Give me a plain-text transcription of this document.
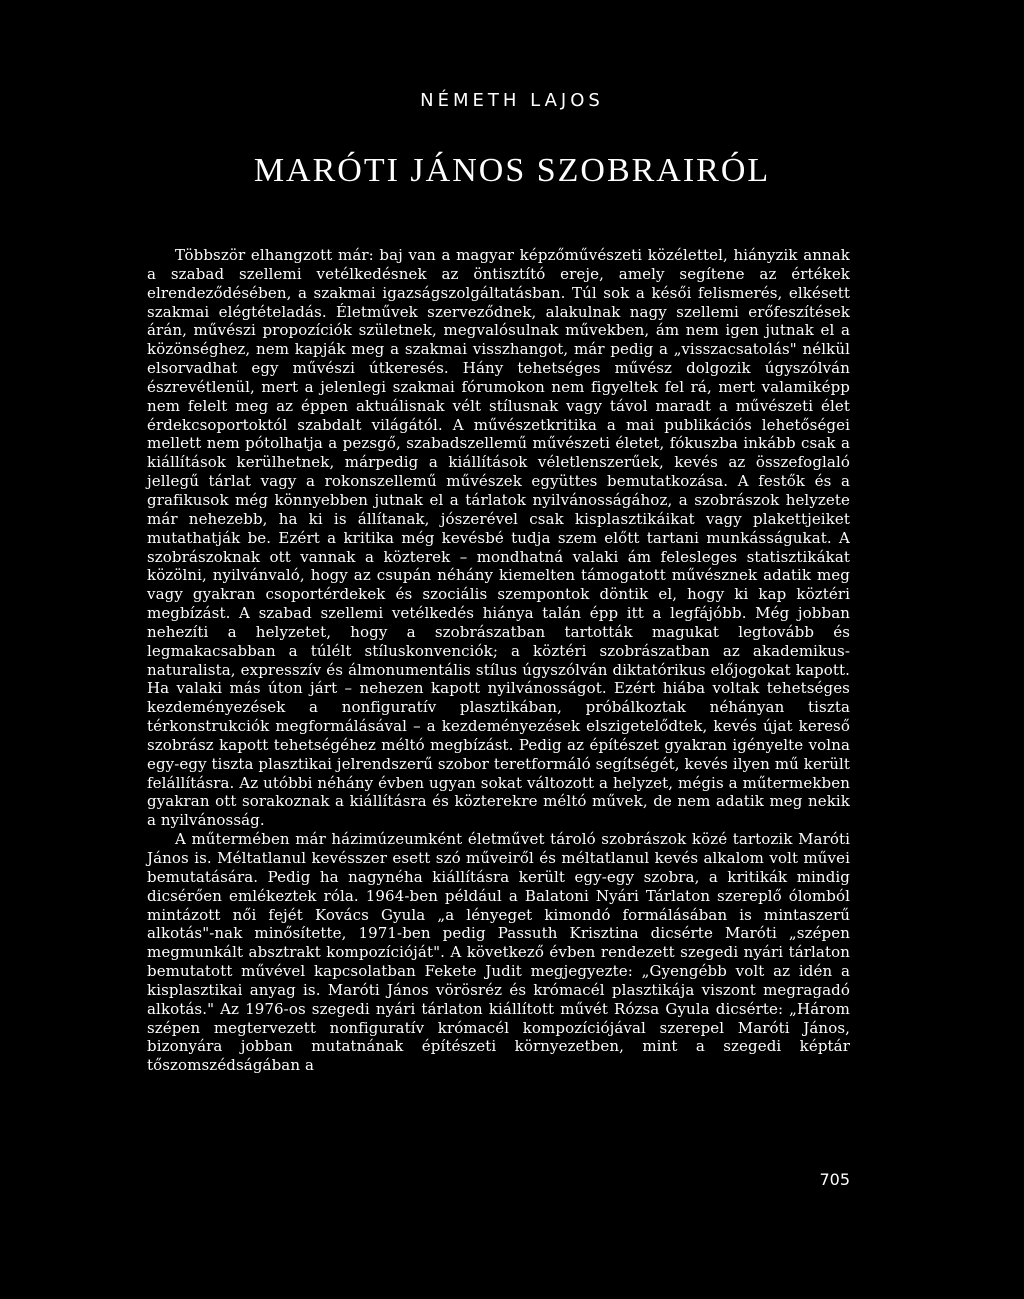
NÉMETH LAJOS
MARÓTI JÁNOS SZOBRAIRÓL

Többször elhangzott már: baj van a magyar képzőművészeti közélettel, hiányzik annak a szabad szellemi vetélkedésnek az öntisztító ereje, amely segítene az értékek elrendeződésében, a szakmai igazságszolgáltatásban. Túl sok a késői felismerés, elkésett szakmai elégtételadás. Életművek szerveződnek, alakulnak nagy szellemi erőfeszítések árán, művészi propozíciók születnek, megvalósulnak művekben, ám nem igen jutnak el a közönséghez, nem kapják meg a szakmai visszhangot, már pedig a „visszacsatolás" nélkül elsorvadhat egy művészi útkeresés. Hány tehetséges művész dolgozik úgyszólván észrevétlenül, mert a jelenlegi szakmai fórumokon nem figyeltek fel rá, mert valamiképp nem felelt meg az éppen aktuálisnak vélt stílusnak vagy távol maradt a művészeti élet érdekcsoportoktól szabdalt világától. A művészetkritika a mai publikációs lehetőségei mellett nem pótolhatja a pezsgő, szabadszellemű művészeti életet, fókuszba inkább csak a kiállítások kerülhetnek, márpedig a kiállítások véletlenszerűek, kevés az összefoglaló jellegű tárlat vagy a rokonszellemű művészek együttes bemutatkozása. A festők és a grafikusok még könnyebben jutnak el a tárlatok nyilvánosságához, a szobrászok helyzete már nehezebb, ha ki is állítanak, jószerével csak kisplasztikáikat vagy plakettjeiket mutathatják be. Ezért a kritika még kevésbé tudja szem előtt tartani munkásságukat. A szobrászoknak ott vannak a közterek – mondhatná valaki ám felesleges statisztikákat közölni, nyilvánvaló, hogy az csupán néhány kiemelten támogatott művésznek adatik meg vagy gyakran csoportérdekek és szociális szempontok döntik el, hogy ki kap köztéri megbízást. A szabad szellemi vetélkedés hiánya talán épp itt a legfájóbb. Még jobban nehezíti a helyzetet, hogy a szobrászatban tartották magukat legtovább és legmakacsabban a túlélt stíluskonvenciók; a köztéri szobrászatban az akademikus-naturalista, expresszív és álmonumentális stílus úgyszólván diktatórikus előjogokat kapott. Ha valaki más úton járt – nehezen kapott nyilvánosságot. Ezért hiába voltak tehetséges kezdeményezések a nonfiguratív plasztikában, próbálkoztak néhányan tiszta térkonstrukciók megformálásával – a kezdeményezések elszigetelődtek, kevés újat kereső szobrász kapott tehetségéhez méltó megbízást. Pedig az építészet gyakran igényelte volna egy-egy tiszta plasztikai jelrendszerű szobor teretformáló segítségét, kevés ilyen mű került felállításra. Az utóbbi néhány évben ugyan sokat változott a helyzet, mégis a műtermekben gyakran ott sorakoznak a kiállításra és közterekre méltó művek, de nem adatik meg nekik a nyilvánosság.

A műtermében már házimúzeumként életművet tároló szobrászok közé tartozik Maróti János is. Méltatlanul kevésszer esett szó műveiről és méltatlanul kevés alkalom volt művei bemutatására. Pedig ha nagynéha kiállításra került egy-egy szobra, a kritikák mindig dicsérően emlékeztek róla. 1964-ben például a Balatoni Nyári Tárlaton szereplő ólomból mintázott női fejét Kovács Gyula „a lényeget kimondó formálásában is mintaszerű alkotás"-nak minősítette, 1971-ben pedig Passuth Krisztina dicsérte Maróti „szépen megmunkált absztrakt kompozícióját". A következő évben rendezett szegedi nyári tárlaton bemutatott művével kapcsolatban Fekete Judit megjegyezte: „Gyengébb volt az idén a kisplasztikai anyag is. Maróti János vörösréz és krómacél plasztikája viszont megragadó alkotás." Az 1976-os szegedi nyári tárlaton kiállított művét Rózsa Gyula dicsérte: „Három szépen megtervezett nonfiguratív krómacél kompozíciójával szerepel Maróti János, bizonyára jobban mutatnának építészeti környezetben, mint a szegedi képtár tőszomszédságában a

705
